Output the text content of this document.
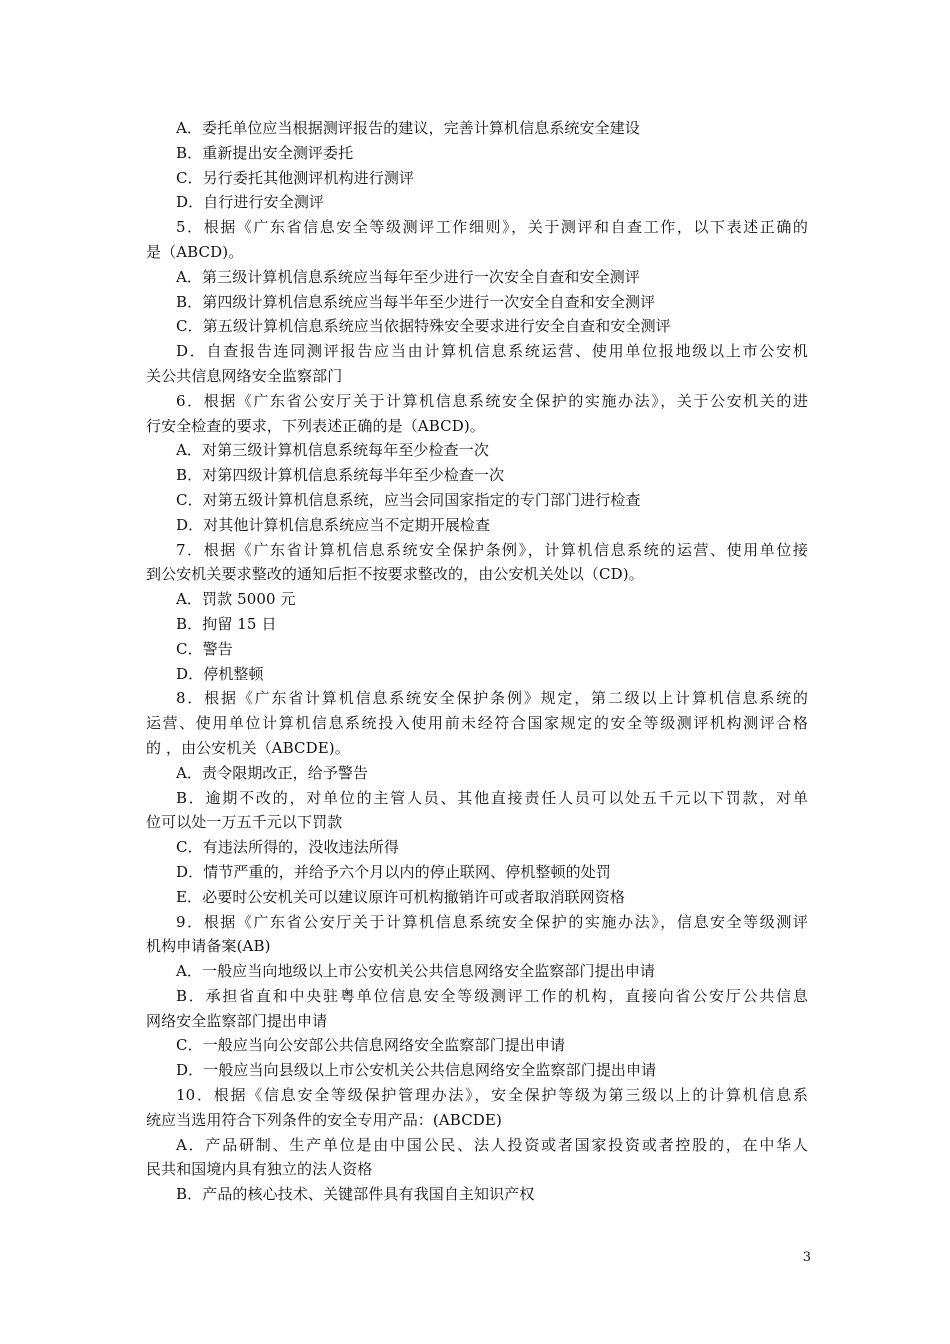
A．委托单位应当根据测评报告的建议，完善计算机信息系统安全建设
B．重新提出安全测评委托
C．另行委托其他测评机构进行测评
D．自行进行安全测评
5．根据《广东省信息安全等级测评工作细则》，关于测评和自查工作，以下表述正确的
是（ABCD)。
A．第三级计算机信息系统应当每年至少进行一次安全自查和安全测评
B．第四级计算机信息系统应当每半年至少进行一次安全自查和安全测评
C．第五级计算机信息系统应当依据特殊安全要求进行安全自查和安全测评
D．自查报告连同测评报告应当由计算机信息系统运营、使用单位报地级以上市公安机
关公共信息网络安全监察部门
6．根据《广东省公安厅关于计算机信息系统安全保护的实施办法》，关于公安机关的进
行安全检查的要求，下列表述正确的是（ABCD)。
A．对第三级计算机信息系统每年至少检查一次
B．对第四级计算机信息系统每半年至少检查一次
C．对第五级计算机信息系统，应当会同国家指定的专门部门进行检查
D．对其他计算机信息系统应当不定期开展检查
7．根据《广东省计算机信息系统安全保护条例》，计算机信息系统的运营、使用单位接
到公安机关要求整改的通知后拒不按要求整改的，由公安机关处以（CD)。
A．罚款 5000 元
B．拘留 15 日
C．警告
D．停机整顿
8．根据《广东省计算机信息系统安全保护条例》规定，第二级以上计算机信息系统的
运营、使用单位计算机信息系统投入使用前未经符合国家规定的安全等级测评机构测评合格
的 ，由公安机关（ABCDE)。
A．责令限期改正，给予警告
B．逾期不改的，对单位的主管人员、其他直接责任人员可以处五千元以下罚款，对单
位可以处一万五千元以下罚款
C．有违法所得的，没收违法所得
D．情节严重的，并给予六个月以内的停止联网、停机整顿的处罚
E．必要时公安机关可以建议原许可机构撤销许可或者取消联网资格
9．根据《广东省公安厅关于计算机信息系统安全保护的实施办法》，信息安全等级测评
机构申请备案(AB)
A．一般应当向地级以上市公安机关公共信息网络安全监察部门提出申请
B．承担省直和中央驻粤单位信息安全等级测评工作的机构，直接向省公安厅公共信息
网络安全监察部门提出申请
C．一般应当向公安部公共信息网络安全监察部门提出申请
D．一般应当向县级以上市公安机关公共信息网络安全监察部门提出申请
10．根据《信息安全等级保护管理办法》，安全保护等级为第三级以上的计算机信息系
统应当选用符合下列条件的安全专用产品：(ABCDE)
A．产品研制、生产单位是由中国公民、法人投资或者国家投资或者控股的，在中华人
民共和国境内具有独立的法人资格
B．产品的核心技术、关键部件具有我国自主知识产权
3
